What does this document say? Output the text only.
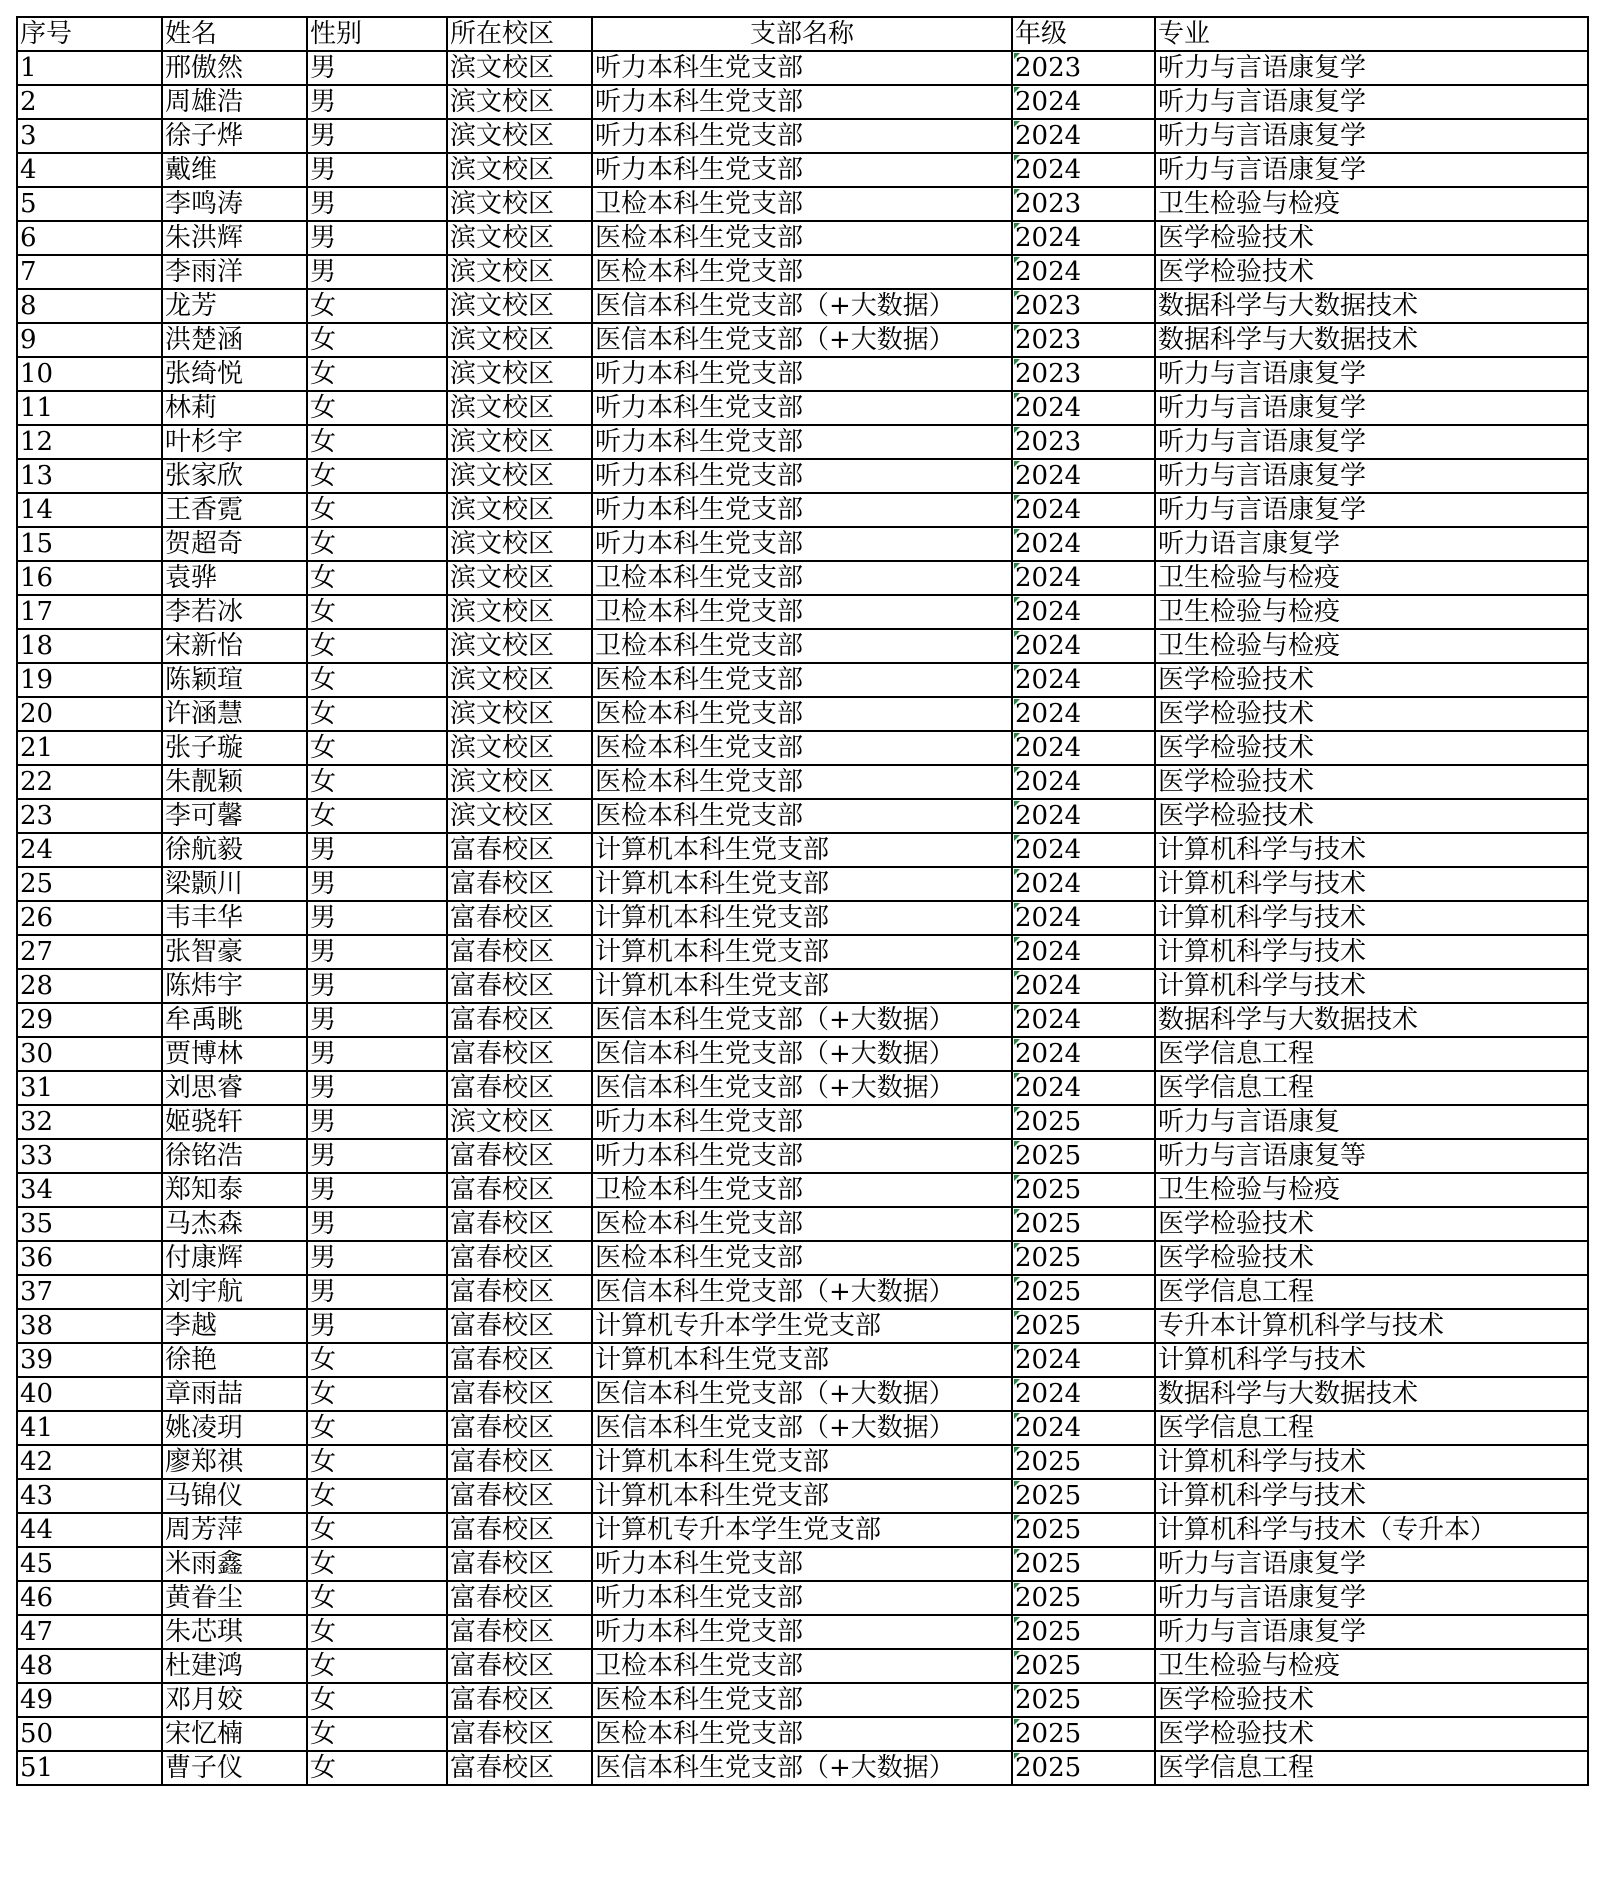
序号	姓名	性别	所在校区	支部名称	年级	专业
1	邢傲然	男	滨文校区	听力本科生党支部	2023	听力与言语康复学
2	周雄浩	男	滨文校区	听力本科生党支部	2024	听力与言语康复学
3	徐子烨	男	滨文校区	听力本科生党支部	2024	听力与言语康复学
4	戴维	男	滨文校区	听力本科生党支部	2024	听力与言语康复学
5	李鸣涛	男	滨文校区	卫检本科生党支部	2023	卫生检验与检疫
6	朱洪辉	男	滨文校区	医检本科生党支部	2024	医学检验技术
7	李雨洋	男	滨文校区	医检本科生党支部	2024	医学检验技术
8	龙芳	女	滨文校区	医信本科生党支部（+大数据）	2023	数据科学与大数据技术
9	洪楚涵	女	滨文校区	医信本科生党支部（+大数据）	2023	数据科学与大数据技术
10	张绮悦	女	滨文校区	听力本科生党支部	2023	听力与言语康复学
11	林莉	女	滨文校区	听力本科生党支部	2024	听力与言语康复学
12	叶杉宇	女	滨文校区	听力本科生党支部	2023	听力与言语康复学
13	张家欣	女	滨文校区	听力本科生党支部	2024	听力与言语康复学
14	王香霓	女	滨文校区	听力本科生党支部	2024	听力与言语康复学
15	贺超奇	女	滨文校区	听力本科生党支部	2024	听力语言康复学
16	袁骅	女	滨文校区	卫检本科生党支部	2024	卫生检验与检疫
17	李若冰	女	滨文校区	卫检本科生党支部	2024	卫生检验与检疫
18	宋新怡	女	滨文校区	卫检本科生党支部	2024	卫生检验与检疫
19	陈颖瑄	女	滨文校区	医检本科生党支部	2024	医学检验技术
20	许涵慧	女	滨文校区	医检本科生党支部	2024	医学检验技术
21	张子璇	女	滨文校区	医检本科生党支部	2024	医学检验技术
22	朱靓颖	女	滨文校区	医检本科生党支部	2024	医学检验技术
23	李可馨	女	滨文校区	医检本科生党支部	2024	医学检验技术
24	徐航毅	男	富春校区	计算机本科生党支部	2024	计算机科学与技术
25	梁颢川	男	富春校区	计算机本科生党支部	2024	计算机科学与技术
26	韦丰华	男	富春校区	计算机本科生党支部	2024	计算机科学与技术
27	张智豪	男	富春校区	计算机本科生党支部	2024	计算机科学与技术
28	陈炜宇	男	富春校区	计算机本科生党支部	2024	计算机科学与技术
29	牟禹眺	男	富春校区	医信本科生党支部（+大数据）	2024	数据科学与大数据技术
30	贾博林	男	富春校区	医信本科生党支部（+大数据）	2024	医学信息工程
31	刘思睿	男	富春校区	医信本科生党支部（+大数据）	2024	医学信息工程
32	姬骁轩	男	滨文校区	听力本科生党支部	2025	听力与言语康复
33	徐铭浩	男	富春校区	听力本科生党支部	2025	听力与言语康复等
34	郑知泰	男	富春校区	卫检本科生党支部	2025	卫生检验与检疫
35	马杰森	男	富春校区	医检本科生党支部	2025	医学检验技术
36	付康辉	男	富春校区	医检本科生党支部	2025	医学检验技术
37	刘宇航	男	富春校区	医信本科生党支部（+大数据）	2025	医学信息工程
38	李越	男	富春校区	计算机专升本学生党支部	2025	专升本计算机科学与技术
39	徐艳	女	富春校区	计算机本科生党支部	2024	计算机科学与技术
40	章雨喆	女	富春校区	医信本科生党支部（+大数据）	2024	数据科学与大数据技术
41	姚凌玥	女	富春校区	医信本科生党支部（+大数据）	2024	医学信息工程
42	廖郑祺	女	富春校区	计算机本科生党支部	2025	计算机科学与技术
43	马锦仪	女	富春校区	计算机本科生党支部	2025	计算机科学与技术
44	周芳萍	女	富春校区	计算机专升本学生党支部	2025	计算机科学与技术（专升本）
45	米雨鑫	女	富春校区	听力本科生党支部	2025	听力与言语康复学
46	黄眷尘	女	富春校区	听力本科生党支部	2025	听力与言语康复学
47	朱芯琪	女	富春校区	听力本科生党支部	2025	听力与言语康复学
48	杜建鸿	女	富春校区	卫检本科生党支部	2025	卫生检验与检疫
49	邓月姣	女	富春校区	医检本科生党支部	2025	医学检验技术
50	宋忆楠	女	富春校区	医检本科生党支部	2025	医学检验技术
51	曹子仪	女	富春校区	医信本科生党支部（+大数据）	2025	医学信息工程
